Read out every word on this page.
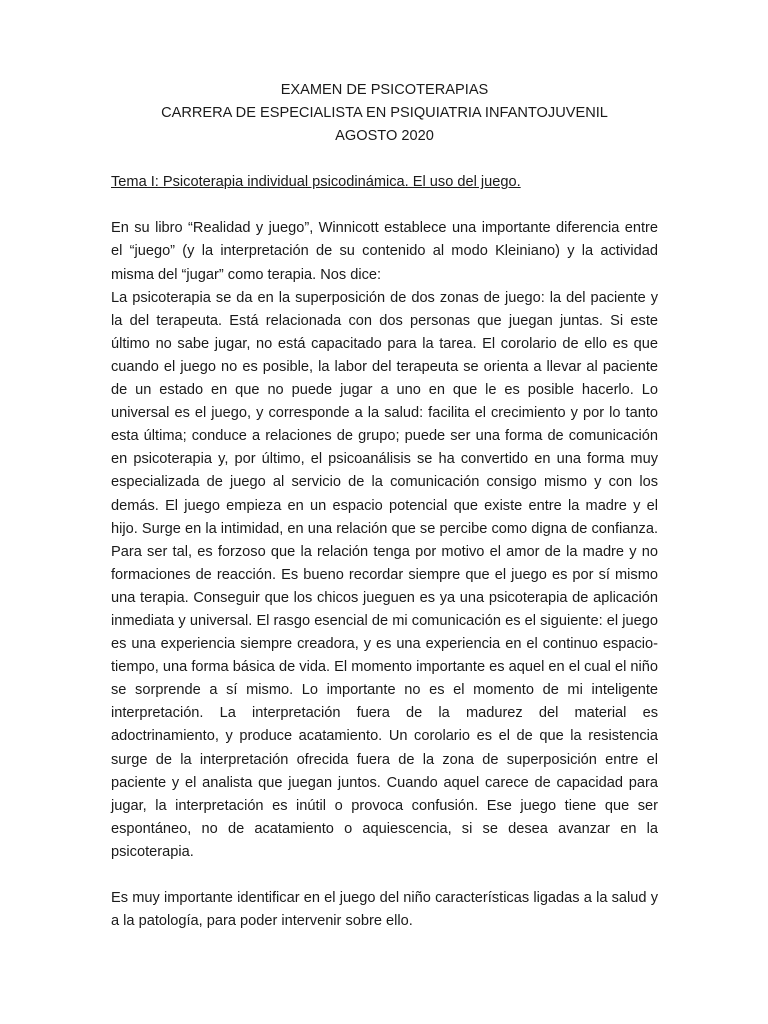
EXAMEN DE PSICOTERAPIAS
CARRERA DE ESPECIALISTA EN PSIQUIATRIA INFANTOJUVENIL
AGOSTO 2020

Tema I: Psicoterapia individual psicodinámica. El uso del juego.

En su libro “Realidad y juego”, Winnicott establece una importante diferencia entre el “juego” (y la interpretación de su contenido al modo Kleiniano) y la actividad misma del “jugar” como terapia. Nos dice:

La psicoterapia se da en la superposición de dos zonas de juego: la del paciente y la del terapeuta. Está relacionada con dos personas que juegan juntas. Si este último no sabe jugar, no está capacitado para la tarea. El corolario de ello es que cuando el juego no es posible, la labor del terapeuta se orienta a llevar al paciente de un estado en que no puede jugar a uno en que le es posible hacerlo. Lo universal es el juego, y corresponde a la salud: facilita el crecimiento y por lo tanto esta última; conduce a relaciones de grupo; puede ser una forma de comunicación en psicoterapia y, por último, el psicoanálisis se ha convertido en una forma muy especializada de juego al servicio de la comunicación consigo mismo y con los demás. El juego empieza en un espacio potencial que existe entre la madre y el hijo. Surge en la intimidad, en una relación que se percibe como digna de confianza. Para ser tal, es forzoso que la relación tenga por motivo el amor de la madre y no formaciones de reacción. Es bueno recordar siempre que el juego es por sí mismo una terapia. Conseguir que los chicos jueguen es ya una psicoterapia de aplicación inmediata y universal. El rasgo esencial de mi comunicación es el siguiente: el juego es una experiencia siempre creadora, y es una experiencia en el continuo espacio-tiempo, una forma básica de vida. El momento importante es aquel en el cual el niño se sorprende a sí mismo. Lo importante no es el momento de mi inteligente interpretación. La interpretación fuera de la madurez del material es adoctrinamiento, y produce acatamiento. Un corolario es el de que la resistencia surge de la interpretación ofrecida fuera de la zona de superposición entre el paciente y el analista que juegan juntos. Cuando aquel carece de capacidad para jugar, la interpretación es inútil o provoca confusión. Ese juego tiene que ser espontáneo, no de acatamiento o aquiescencia, si se desea avanzar en la psicoterapia.

Es muy importante identificar en el juego del niño características ligadas a la salud y a la patología, para poder intervenir sobre ello.
